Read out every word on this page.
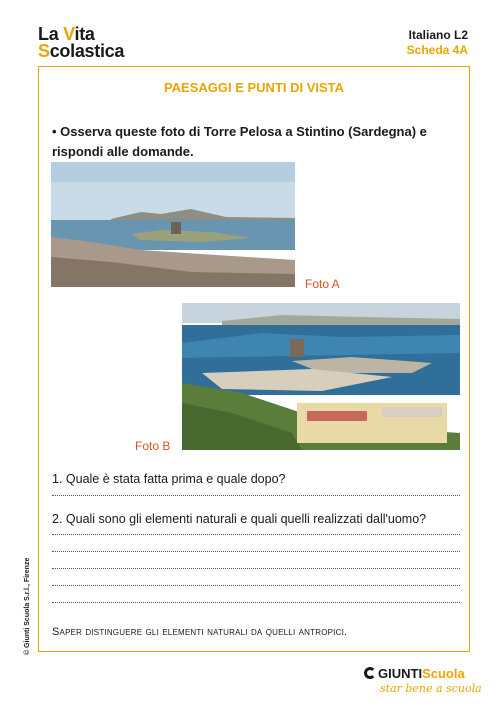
La Vita
Scolastica
Italiano L2
Scheda 4A
PAESAGGI E PUNTI DI VISTA
• Osserva queste foto di Torre Pelosa a Stintino (Sardegna) e rispondi alle domande.
Foto A
Foto B
1. Quale è stata fatta prima e quale dopo?
2. Quali sono gli elementi naturali e quali quelli realizzati dall'uomo?
Saper distinguere gli elementi naturali da quelli antropici.
© Giunti Scuola S.r.l., Firenze
GIUNTIScuola
star bene a scuola
